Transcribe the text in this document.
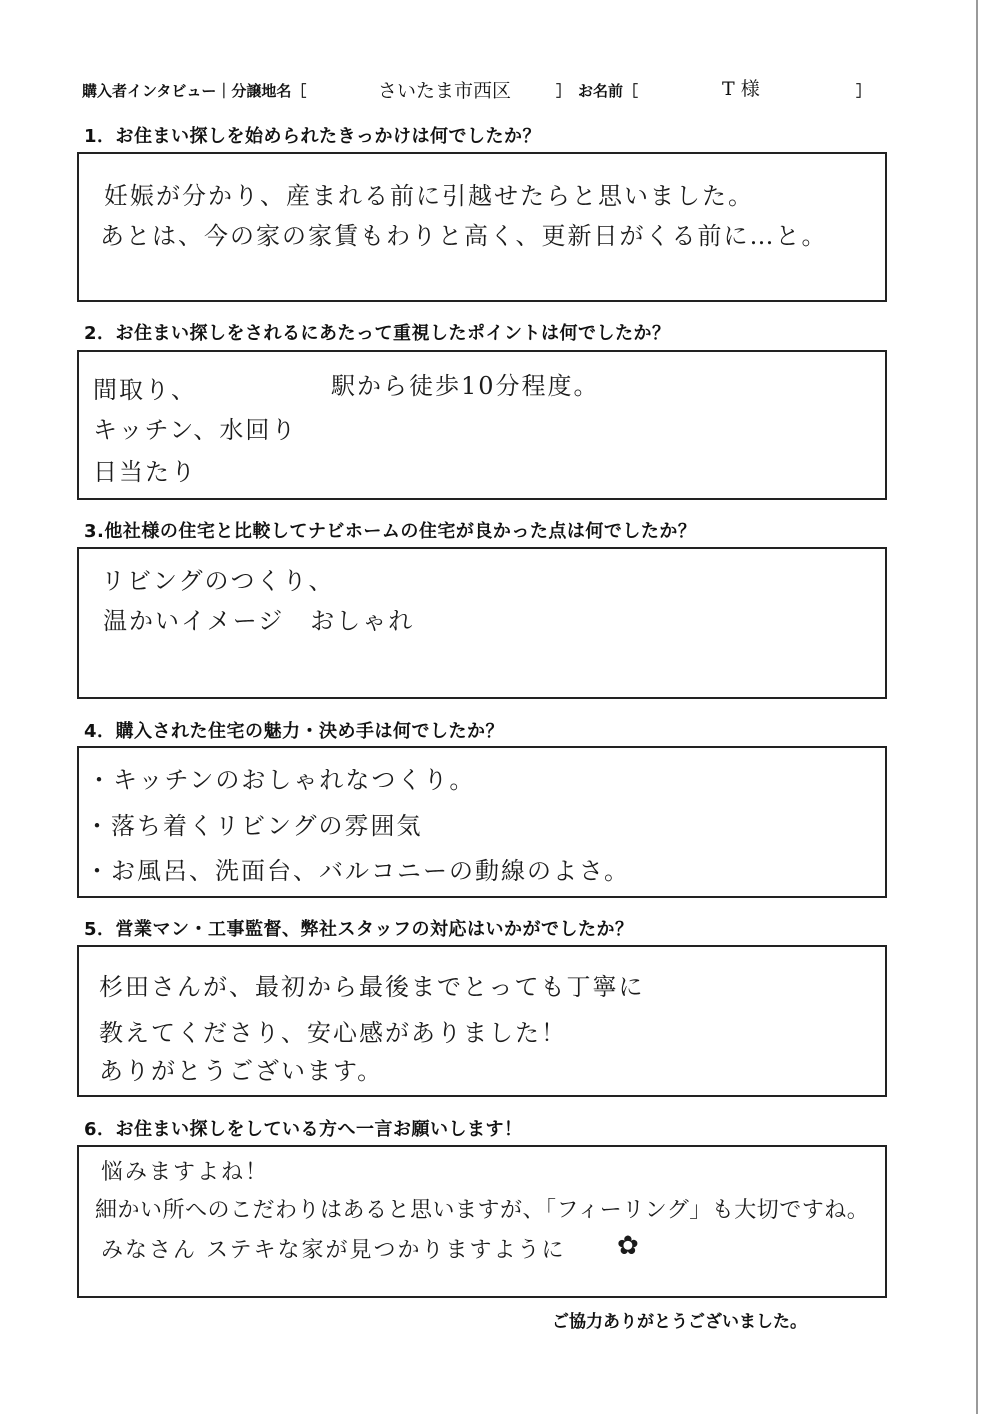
購入者インタビュー｜分譲地名［	さいたま市西区	］ お名前［	T 様	］
1．お住まい探しを始められたきっかけは何でしたか？
妊娠が分かり、産まれる前に引越せたらと思いました。
あとは、今の家の家賃もわりと高く、更新日がくる前に…と。
2．お住まい探しをされるにあたって重視したポイントは何でしたか？
間取り、	駅から徒歩10分程度。
キッチン、水回り
日当たり
3.他社様の住宅と比較してナビホームの住宅が良かった点は何でしたか？
リビングのつくり、
温かいイメージ　おしゃれ
4．購入された住宅の魅力・決め手は何でしたか？
・キッチンのおしゃれなつくり。
・落ち着くリビングの雰囲気
・お風呂、洗面台、バルコニーの動線のよさ。
5．営業マン・工事監督、弊社スタッフの対応はいかがでしたか？
杉田さんが、最初から最後までとっても丁寧に
教えてくださり、安心感がありました！
ありがとうございます。
6．お住まい探しをしている方へ一言お願いします！
悩みますよね！
細かい所へのこだわりはあると思いますが、「フィーリング」も大切ですね。
みなさん ステキな家が見つかりますように ✿
ご協力ありがとうございました。
